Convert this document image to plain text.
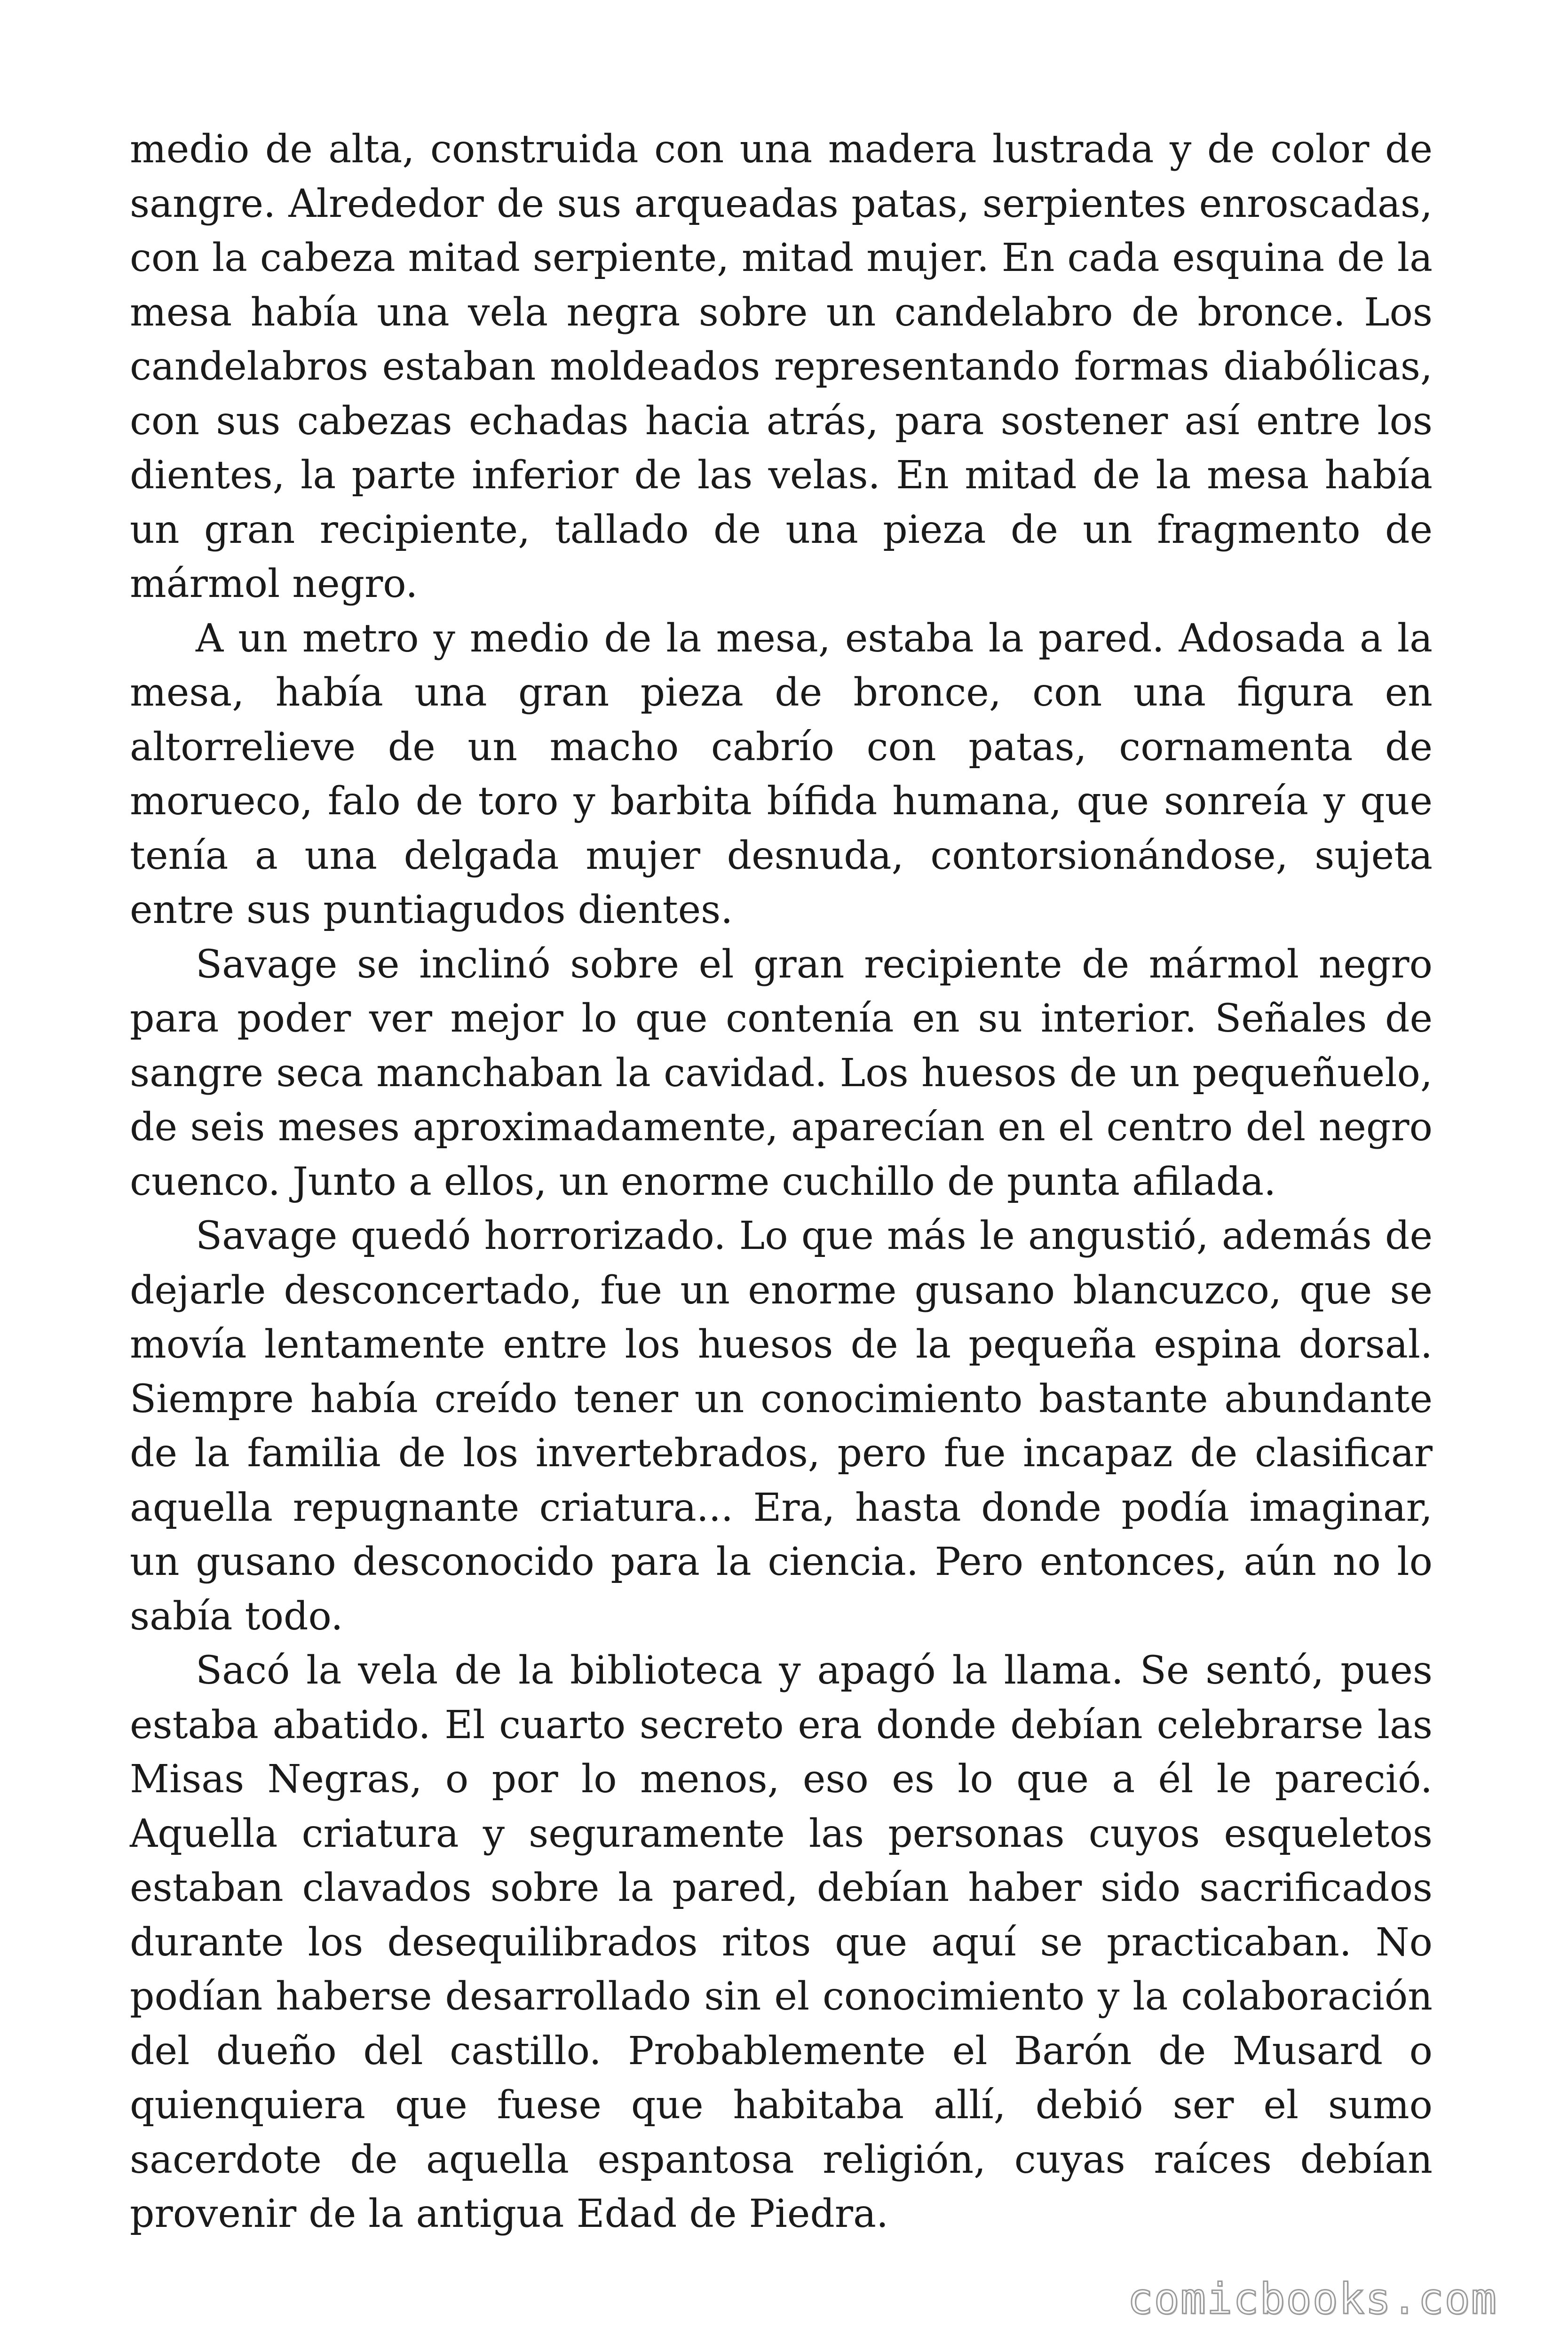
medio de alta, construida con una madera lustrada y de color de sangre. Alrededor de sus arqueadas patas, serpientes enroscadas, con la cabeza mitad serpiente, mitad mujer. En cada esquina de la mesa había una vela negra sobre un candelabro de bronce. Los candelabros estaban moldeados representando formas diabólicas, con sus cabezas echadas hacia atrás, para sostener así entre los dientes, la parte inferior de las velas. En mitad de la mesa había un gran recipiente, tallado de una pieza de un fragmento de mármol negro.

A un metro y medio de la mesa, estaba la pared. Adosada a la mesa, había una gran pieza de bronce, con una figura en altorrelieve de un macho cabrío con patas, cornamenta de morueco, falo de toro y barbita bífida humana, que sonreía y que tenía a una delgada mujer desnuda, contorsionándose, sujeta entre sus puntiagudos dientes.

Savage se inclinó sobre el gran recipiente de mármol negro para poder ver mejor lo que contenía en su interior. Señales de sangre seca manchaban la cavidad. Los huesos de un pequeñuelo, de seis meses aproximadamente, aparecían en el centro del negro cuenco. Junto a ellos, un enorme cuchillo de punta afilada.

Savage quedó horrorizado. Lo que más le angustió, además de dejarle desconcertado, fue un enorme gusano blancuzco, que se movía lentamente entre los huesos de la pequeña espina dorsal. Siempre había creído tener un conocimiento bastante abundante de la familia de los invertebrados, pero fue incapaz de clasificar aquella repugnante criatura... Era, hasta donde podía imaginar, un gusano desconocido para la ciencia. Pero entonces, aún no lo sabía todo.

Sacó la vela de la biblioteca y apagó la llama. Se sentó, pues estaba abatido. El cuarto secreto era donde debían celebrarse las Misas Negras, o por lo menos, eso es lo que a él le pareció. Aquella criatura y seguramente las personas cuyos esqueletos estaban clavados sobre la pared, debían haber sido sacrificados durante los desequilibrados ritos que aquí se practicaban. No podían haberse desarrollado sin el conocimiento y la colaboración del dueño del castillo. Probablemente el Barón de Musard o quienquiera que fuese que habitaba allí, debió ser el sumo sacerdote de aquella espantosa religión, cuyas raíces debían provenir de la antigua Edad de Piedra.

comicbooks.com
